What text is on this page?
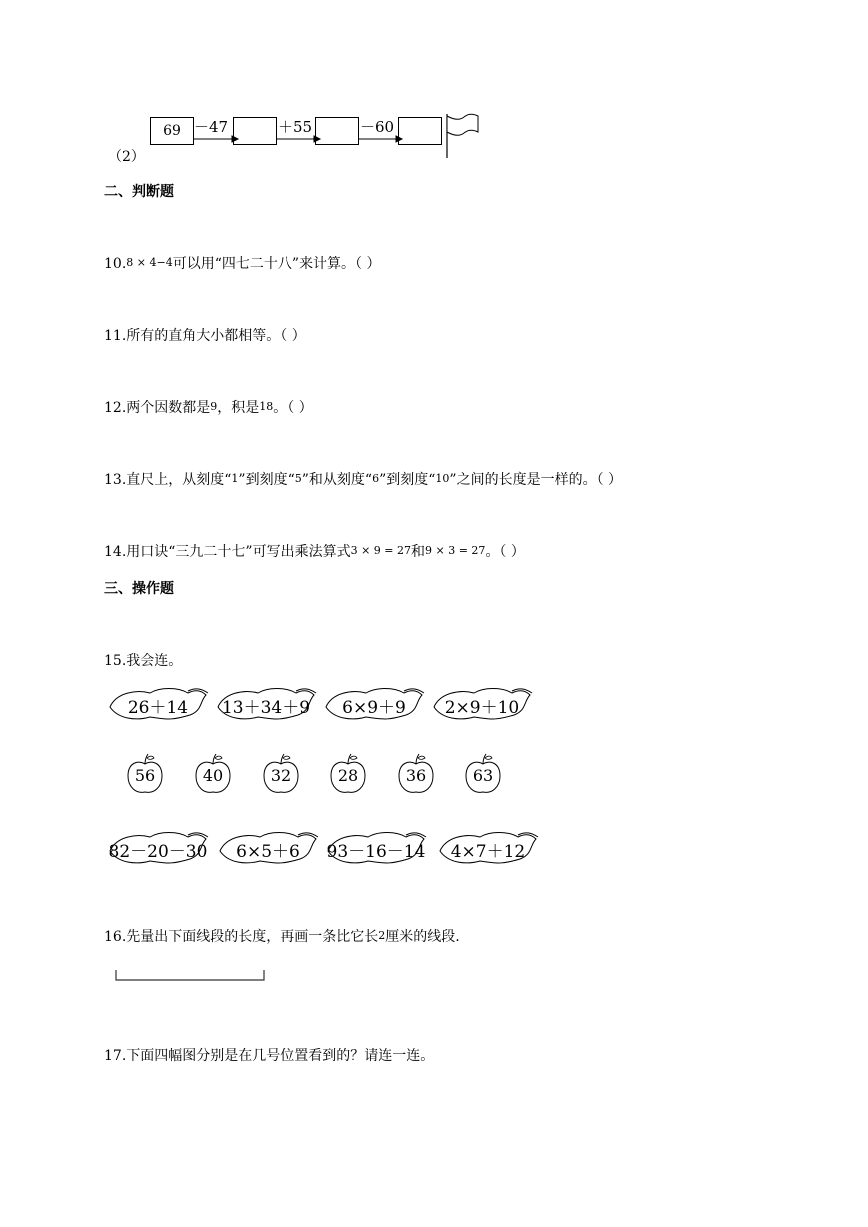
（2）
69 －47	＋55	－60
二、判断题
10.8 × 4−4可以用“四七二十八”来计算。（ ）
11.所有的直角大小都相等。（ ）
12.两个因数都是9，积是18。（ ）
13.直尺上，从刻度“1”到刻度“5”和从刻度“6”到刻度“10”之间的长度是一样的。（ ）
14.用口诀“三九二十七”可写出乘法算式3 × 9 = 27和9 × 3 = 27。（ ）
三、操作题
15.我会连。
26＋14	13＋34＋9	6×9＋9	2×9＋10
56	40	32	28	36	63
82－20－30	6×5＋6	93－16－14	4×7＋12
16.先量出下面线段的长度，再画一条比它长2厘米的线段.
17.下面四幅图分别是在几号位置看到的？请连一连。
